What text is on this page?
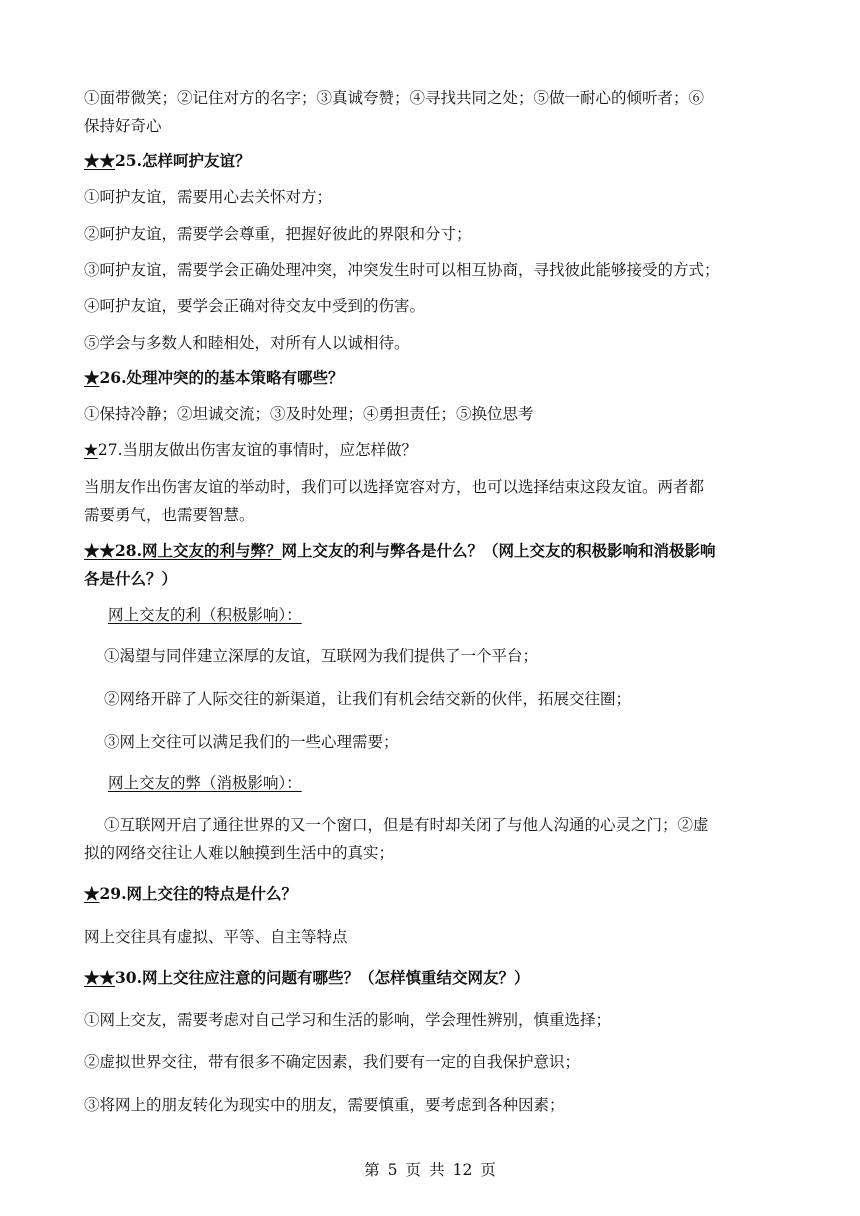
①面带微笑；②记住对方的名字；③真诚夸赞；④寻找共同之处；⑤做一耐心的倾听者；⑥
保持好奇心
★★25.怎样呵护友谊？
①呵护友谊，需要用心去关怀对方；
②呵护友谊，需要学会尊重，把握好彼此的界限和分寸；
③呵护友谊，需要学会正确处理冲突，冲突发生时可以相互协商，寻找彼此能够接受的方式；
④呵护友谊，要学会正确对待交友中受到的伤害。
⑤学会与多数人和睦相处，对所有人以诚相待。
★26.处理冲突的的基本策略有哪些？
①保持冷静；②坦诚交流；③及时处理；④勇担责任；⑤换位思考
★27.当朋友做出伤害友谊的事情时，应怎样做？
当朋友作出伤害友谊的举动时，我们可以选择宽容对方，也可以选择结束这段友谊。两者都
需要勇气，也需要智慧。
★★28.网上交友的利与弊？网上交友的利与弊各是什么？（网上交友的积极影响和消极影响
各是什么？）
网上交友的利（积极影响）：
①渴望与同伴建立深厚的友谊，互联网为我们提供了一个平台；
②网络开辟了人际交往的新渠道，让我们有机会结交新的伙伴，拓展交往圈；
③网上交往可以满足我们的一些心理需要；
网上交友的弊（消极影响）：
①互联网开启了通往世界的又一个窗口，但是有时却关闭了与他人沟通的心灵之门；②虚
拟的网络交往让人难以触摸到生活中的真实；
★29.网上交往的特点是什么？
网上交往具有虚拟、平等、自主等特点
★★30.网上交往应注意的问题有哪些？（怎样慎重结交网友？）
①网上交友，需要考虑对自己学习和生活的影响，学会理性辨别，慎重选择；
②虚拟世界交往，带有很多不确定因素，我们要有一定的自我保护意识；
③将网上的朋友转化为现实中的朋友，需要慎重，要考虑到各种因素；
第 5 页 共 12 页
